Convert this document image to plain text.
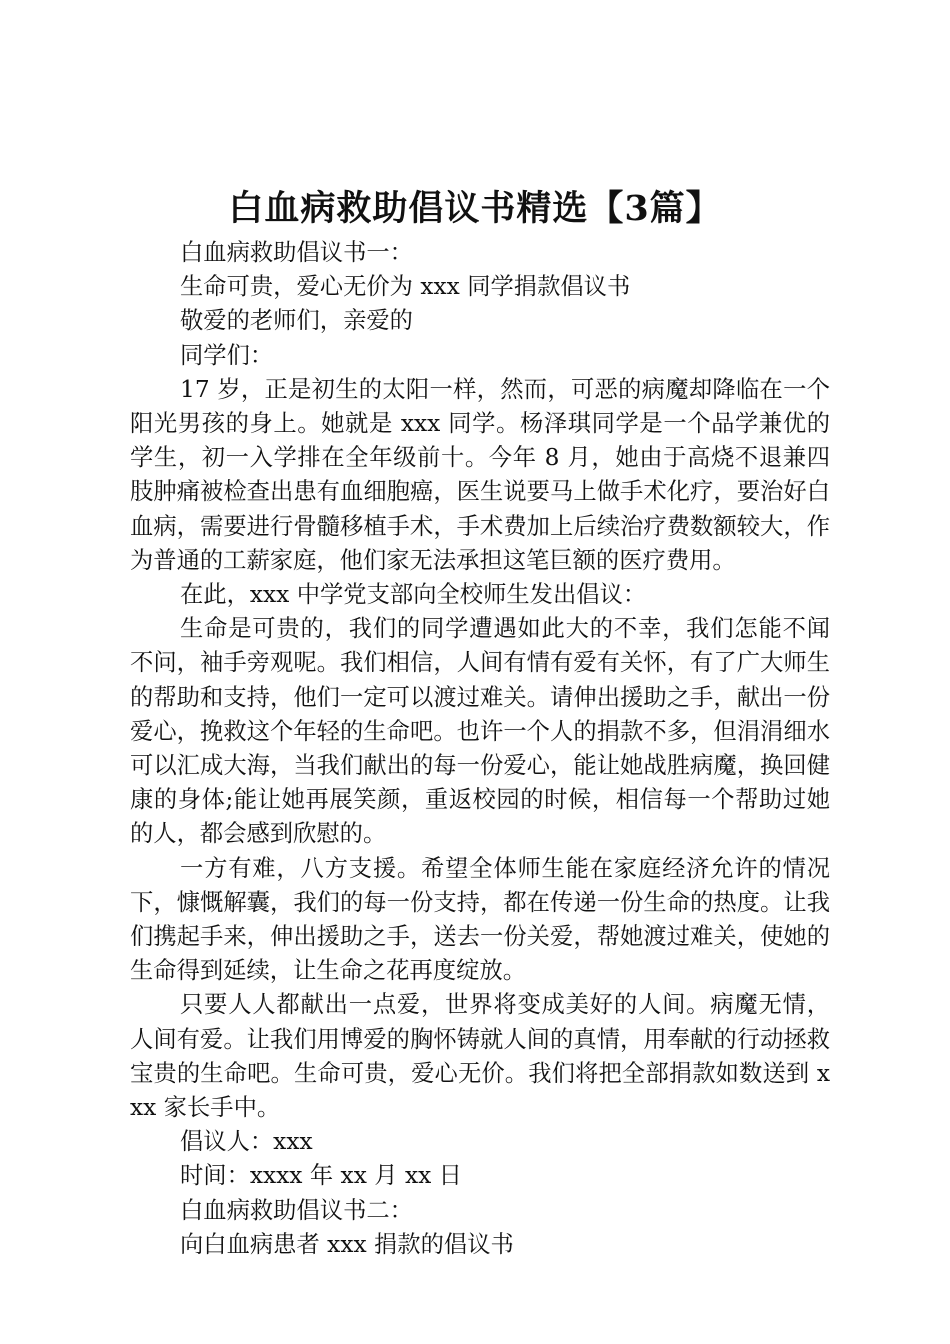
白血病救助倡议书精选【3篇】

白血病救助倡议书一：

生命可贵，爱心无价为 xxx 同学捐款倡议书

敬爱的老师们，亲爱的

同学们：

17 岁，正是初生的太阳一样，然而，可恶的病魔却降临在一个阳光男孩的身上。她就是 xxx 同学。杨泽琪同学是一个品学兼优的学生，初一入学排在全年级前十。今年 8 月，她由于高烧不退兼四肢肿痛被检查出患有血细胞癌，医生说要马上做手术化疗，要治好白血病，需要进行骨髓移植手术，手术费加上后续治疗费数额较大，作为普通的工薪家庭，他们家无法承担这笔巨额的医疗费用。

在此，xxx 中学党支部向全校师生发出倡议：

生命是可贵的，我们的同学遭遇如此大的不幸，我们怎能不闻不问，袖手旁观呢。我们相信，人间有情有爱有关怀，有了广大师生的帮助和支持，他们一定可以渡过难关。请伸出援助之手，献出一份爱心，挽救这个年轻的生命吧。也许一个人的捐款不多，但涓涓细水可以汇成大海，当我们献出的每一份爱心，能让她战胜病魔，换回健康的身体;能让她再展笑颜，重返校园的时候，相信每一个帮助过她的人，都会感到欣慰的。

一方有难，八方支援。希望全体师生能在家庭经济允许的情况下，慷慨解囊，我们的每一份支持，都在传递一份生命的热度。让我们携起手来，伸出援助之手，送去一份关爱，帮她渡过难关，使她的生命得到延续，让生命之花再度绽放。

只要人人都献出一点爱，世界将变成美好的人间。病魔无情，人间有爱。让我们用博爱的胸怀铸就人间的真情，用奉献的行动拯救宝贵的生命吧。生命可贵，爱心无价。我们将把全部捐款如数送到 xxx 家长手中。

倡议人：xxx

时间：xxxx 年 xx 月 xx 日

白血病救助倡议书二：

向白血病患者 xxx 捐款的倡议书
